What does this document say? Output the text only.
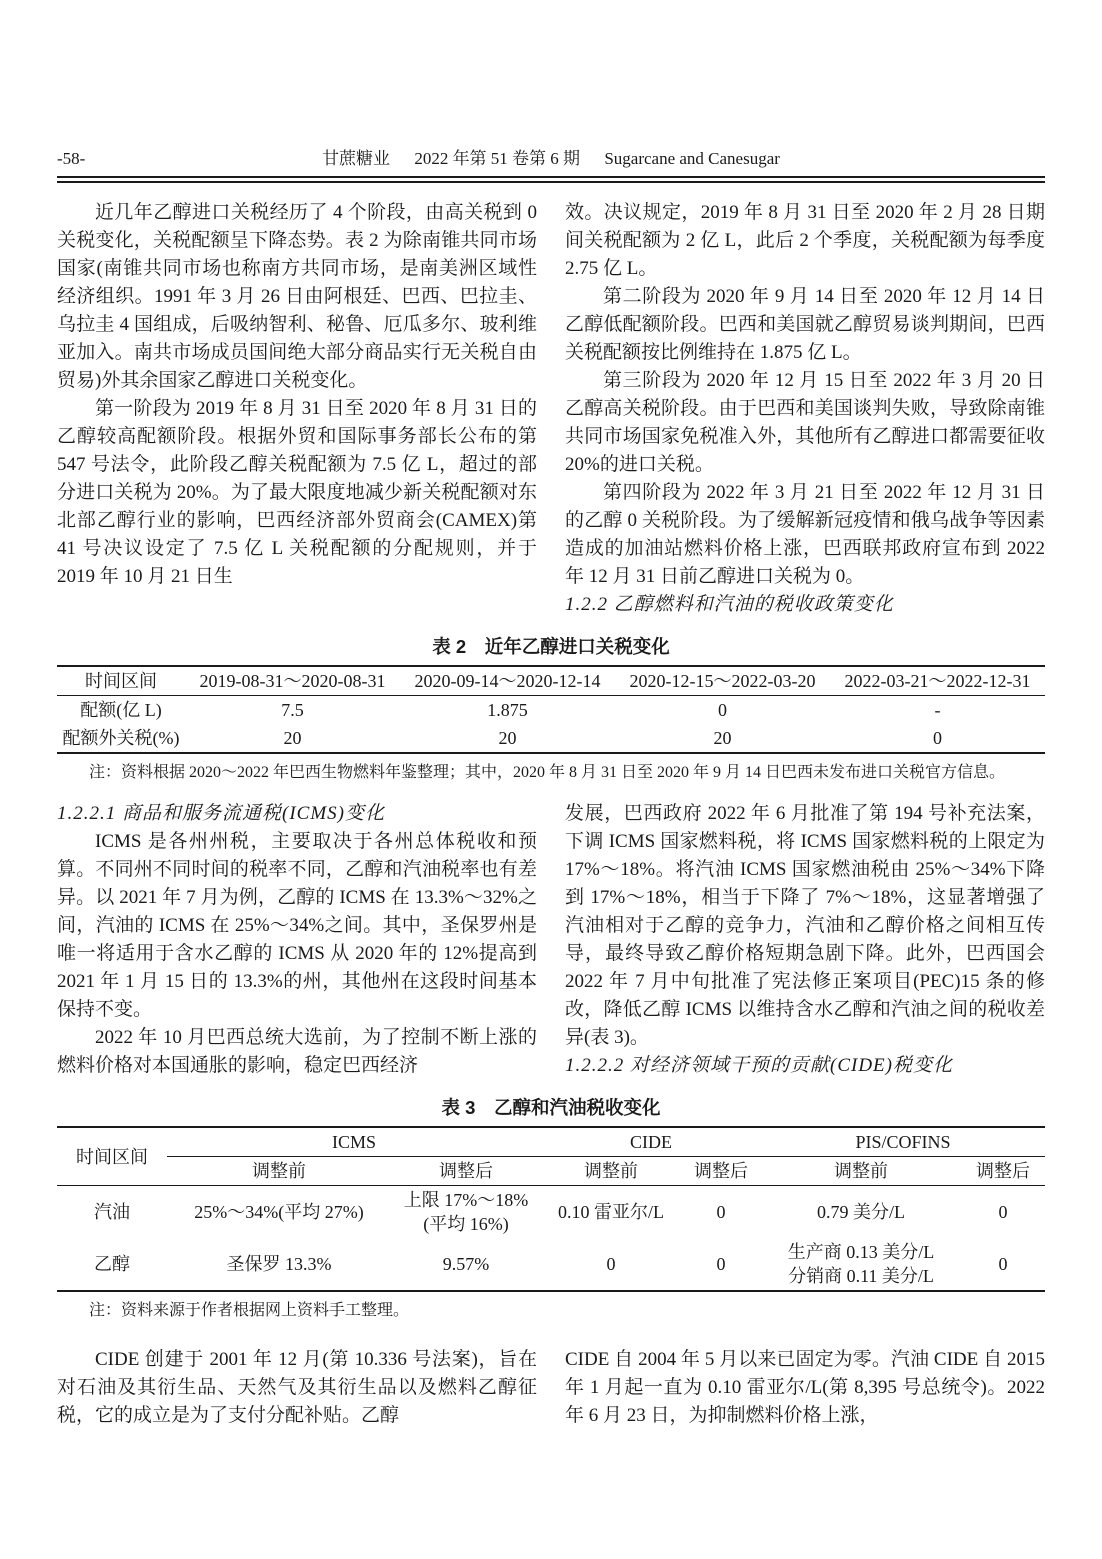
-58-	甘蔗糖业 2022 年第 51 卷第 6 期 Sugarcane and Canesugar

近几年乙醇进口关税经历了 4 个阶段，由高关税到 0 关税变化，关税配额呈下降态势。表 2 为除南锥共同市场国家(南锥共同市场也称南方共同市场，是南美洲区域性经济组织。1991 年 3 月 26 日由阿根廷、巴西、巴拉圭、乌拉圭 4 国组成，后吸纳智利、秘鲁、厄瓜多尔、玻利维亚加入。南共市场成员国间绝大部分商品实行无关税自由贸易)外其余国家乙醇进口关税变化。

第一阶段为 2019 年 8 月 31 日至 2020 年 8 月 31 日的乙醇较高配额阶段。根据外贸和国际事务部长公布的第 547 号法令，此阶段乙醇关税配额为 7.5 亿 L，超过的部分进口关税为 20%。为了最大限度地减少新关税配额对东北部乙醇行业的影响，巴西经济部外贸商会(CAMEX)第 41 号决议设定了 7.5 亿 L 关税配额的分配规则，并于 2019 年 10 月 21 日生

效。决议规定，2019 年 8 月 31 日至 2020 年 2 月 28 日期间关税配额为 2 亿 L，此后 2 个季度，关税配额为每季度 2.75 亿 L。

第二阶段为 2020 年 9 月 14 日至 2020 年 12 月 14 日乙醇低配额阶段。巴西和美国就乙醇贸易谈判期间，巴西关税配额按比例维持在 1.875 亿 L。

第三阶段为 2020 年 12 月 15 日至 2022 年 3 月 20 日乙醇高关税阶段。由于巴西和美国谈判失败，导致除南锥共同市场国家免税准入外，其他所有乙醇进口都需要征收 20%的进口关税。

第四阶段为 2022 年 3 月 21 日至 2022 年 12 月 31 日的乙醇 0 关税阶段。为了缓解新冠疫情和俄乌战争等因素造成的加油站燃料价格上涨，巴西联邦政府宣布到 2022 年 12 月 31 日前乙醇进口关税为 0。

1.2.2 乙醇燃料和汽油的税收政策变化

表 2　近年乙醇进口关税变化
时间区间	2019-08-31～2020-08-31	2020-09-14～2020-12-14	2020-12-15～2022-03-20	2022-03-21～2022-12-31
配额(亿 L)	7.5	1.875	0	-
配额外关税(%)	20	20	20	0

注：资料根据 2020～2022 年巴西生物燃料年鉴整理；其中，2020 年 8 月 31 日至 2020 年 9 月 14 日巴西未发布进口关税官方信息。

1.2.2.1 商品和服务流通税(ICMS)变化

ICMS 是各州州税，主要取决于各州总体税收和预算。不同州不同时间的税率不同，乙醇和汽油税率也有差异。以 2021 年 7 月为例，乙醇的 ICMS 在 13.3%～32%之间，汽油的 ICMS 在 25%～34%之间。其中，圣保罗州是唯一将适用于含水乙醇的 ICMS 从 2020 年的 12%提高到 2021 年 1 月 15 日的 13.3%的州，其他州在这段时间基本保持不变。

2022 年 10 月巴西总统大选前，为了控制不断上涨的燃料价格对本国通胀的影响，稳定巴西经济

发展，巴西政府 2022 年 6 月批准了第 194 号补充法案，下调 ICMS 国家燃料税，将 ICMS 国家燃料税的上限定为 17%～18%。将汽油 ICMS 国家燃油税由 25%～34%下降到 17%～18%，相当于下降了 7%～18%，这显著增强了汽油相对于乙醇的竞争力，汽油和乙醇价格之间相互传导，最终导致乙醇价格短期急剧下降。此外，巴西国会 2022 年 7 月中旬批准了宪法修正案项目(PEC)15 条的修改，降低乙醇 ICMS 以维持含水乙醇和汽油之间的税收差异(表 3)。

1.2.2.2 对经济领域干预的贡献(CIDE)税变化

表 3　乙醇和汽油税收变化
时间区间	ICMS		CIDE		PIS/COFINS	
	调整前	调整后	调整前	调整后	调整前	调整后
汽油	25%～34%(平均 27%)	上限 17%～18%
(平均 16%)	0.10 雷亚尔/L	0	0.79 美分/L	0
乙醇	圣保罗 13.3%	9.57%	0	0	生产商 0.13 美分/L
分销商 0.11 美分/L	0

注：资料来源于作者根据网上资料手工整理。

CIDE 创建于 2001 年 12 月(第 10.336 号法案)，旨在对石油及其衍生品、天然气及其衍生品以及燃料乙醇征税，它的成立是为了支付分配补贴。乙醇

CIDE 自 2004 年 5 月以来已固定为零。汽油 CIDE 自 2015 年 1 月起一直为 0.10 雷亚尔/L(第 8,395 号总统令)。2022 年 6 月 23 日，为抑制燃料价格上涨，
